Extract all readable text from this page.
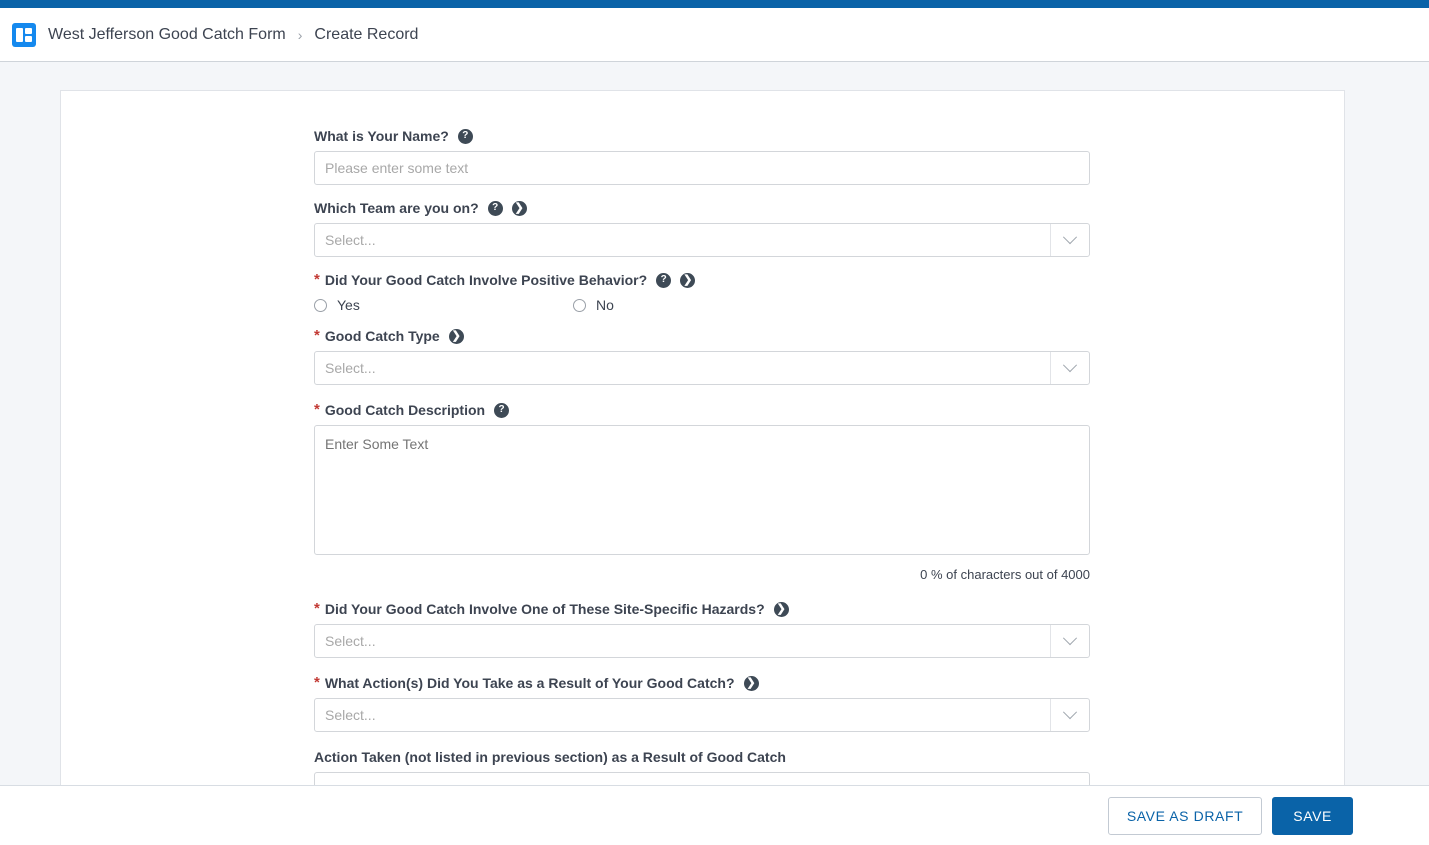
West Jefferson Good Catch Form › Create Record
What is Your Name?	?
Please enter some text
Which Team are you on?	?	❯
Select...
* Did Your Good Catch Involve Positive Behavior?	?	❯
Yes	No
* Good Catch Type ❯
Select...
* Good Catch Description	?
Enter Some Text
0 % of characters out of 4000
* Did Your Good Catch Involve One of These Site-Specific Hazards? ❯
Select...
* What Action(s) Did You Take as a Result of Your Good Catch? ❯
Select...
Action Taken (not listed in previous section) as a Result of Good Catch
SAVE AS DRAFT	SAVE
